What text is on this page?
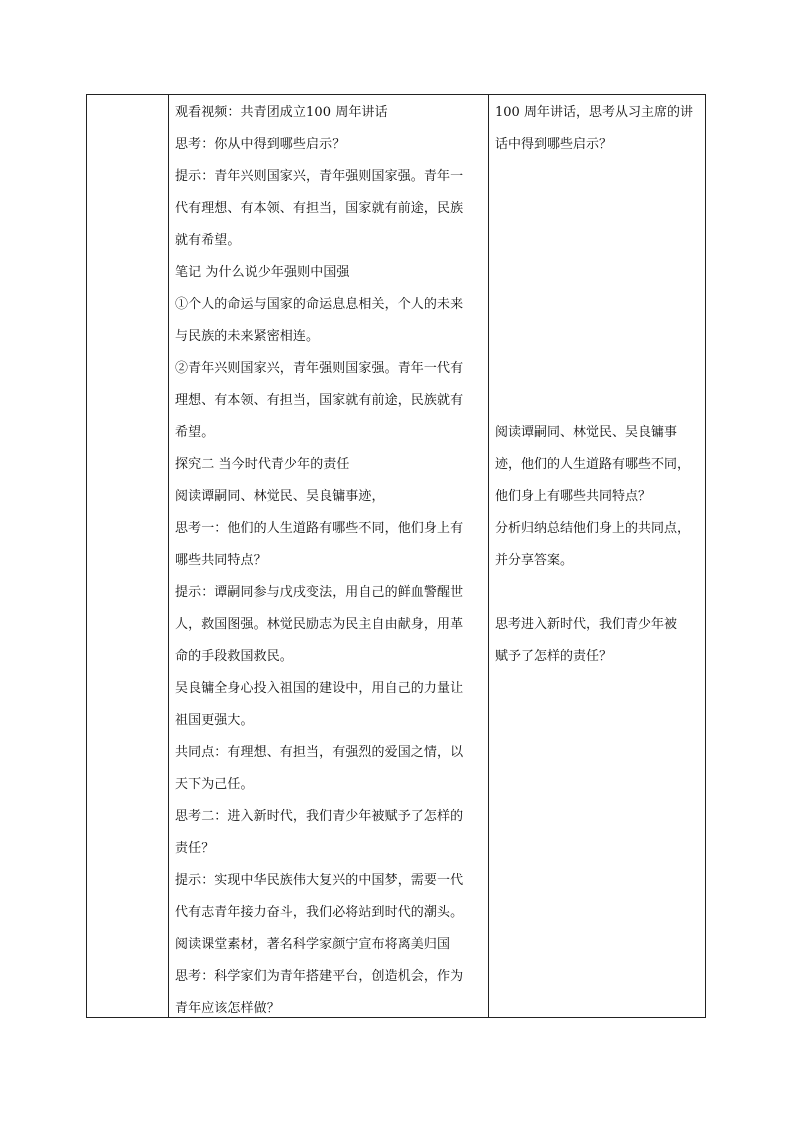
观看视频：共青团成立100 周年讲话
思考：你从中得到哪些启示？
提示：青年兴则国家兴，青年强则国家强。青年一
代有理想、有本领、有担当，国家就有前途，民族
就有希望。
笔记 为什么说少年强则中国强
①个人的命运与国家的命运息息相关，个人的未来
与民族的未来紧密相连。
②青年兴则国家兴，青年强则国家强。青年一代有
理想、有本领、有担当，国家就有前途，民族就有
希望。
探究二 当今时代青少年的责任
阅读谭嗣同、林觉民、吴良镛事迹，
思考一：他们的人生道路有哪些不同，他们身上有
哪些共同特点？
提示：谭嗣同参与戊戌变法，用自己的鲜血警醒世
人，救国图强。林觉民励志为民主自由献身，用革
命的手段救国救民。
吴良镛全身心投入祖国的建设中，用自己的力量让
祖国更强大。
共同点：有理想、有担当，有强烈的爱国之情，以
天下为己任。
思考二：进入新时代，我们青少年被赋予了怎样的
责任？
提示：实现中华民族伟大复兴的中国梦，需要一代
代有志青年接力奋斗，我们必将站到时代的潮头。
阅读课堂素材，著名科学家颜宁宣布将离美归国
思考：科学家们为青年搭建平台，创造机会，作为
青年应该怎样做？
100 周年讲话，思考从习主席的讲
话中得到哪些启示？
阅读谭嗣同、林觉民、吴良镛事
迹，他们的人生道路有哪些不同，
他们身上有哪些共同特点？
分析归纳总结他们身上的共同点，
并分享答案。
思考进入新时代，我们青少年被
赋予了怎样的责任？
